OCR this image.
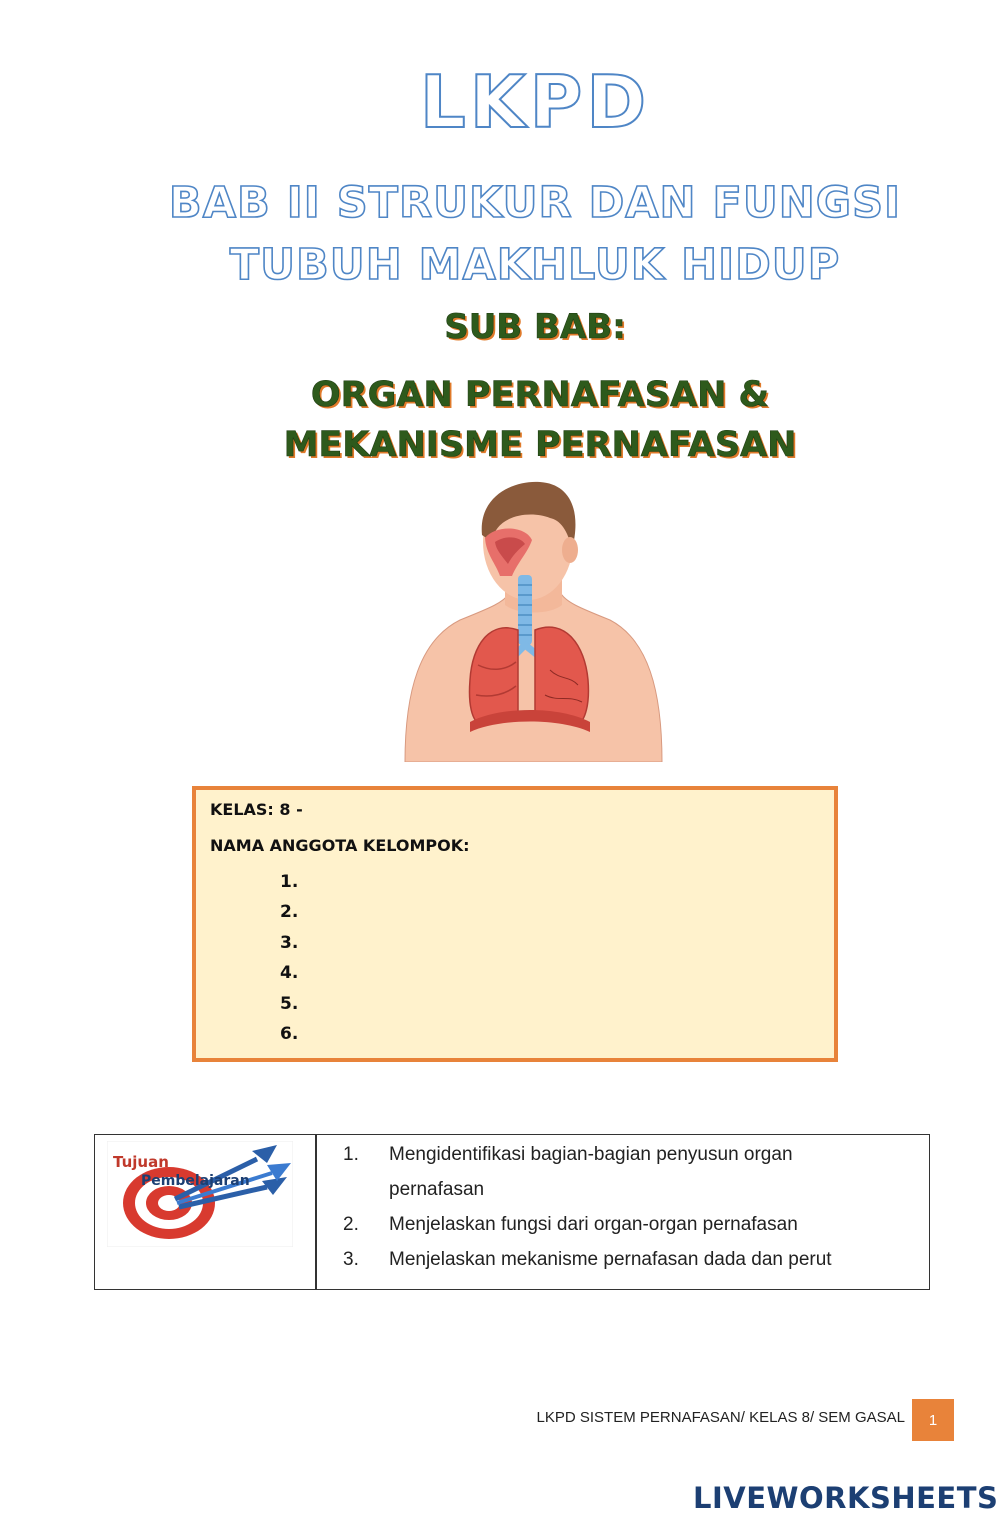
LKPD
BAB II STRUKUR DAN FUNGSI
TUBUH MAKHLUK HIDUP
SUB BAB:
ORGAN PERNAFASAN &
MEKANISME PERNAFASAN
KELAS: 8 -
NAMA ANGGOTA KELOMPOK:
1.
2.
3.
4.
5.
6.
Tujuan
Pembelajaran
1.	Mengidentifikasi bagian-bagian penyusun organ
pernafasan
2.	Menjelaskan fungsi dari organ-organ pernafasan
3.	Menjelaskan mekanisme pernafasan dada dan perut
LKPD SISTEM PERNAFASAN/ KELAS 8/ SEM GASAL	1
LIVEWORKSHEETS
